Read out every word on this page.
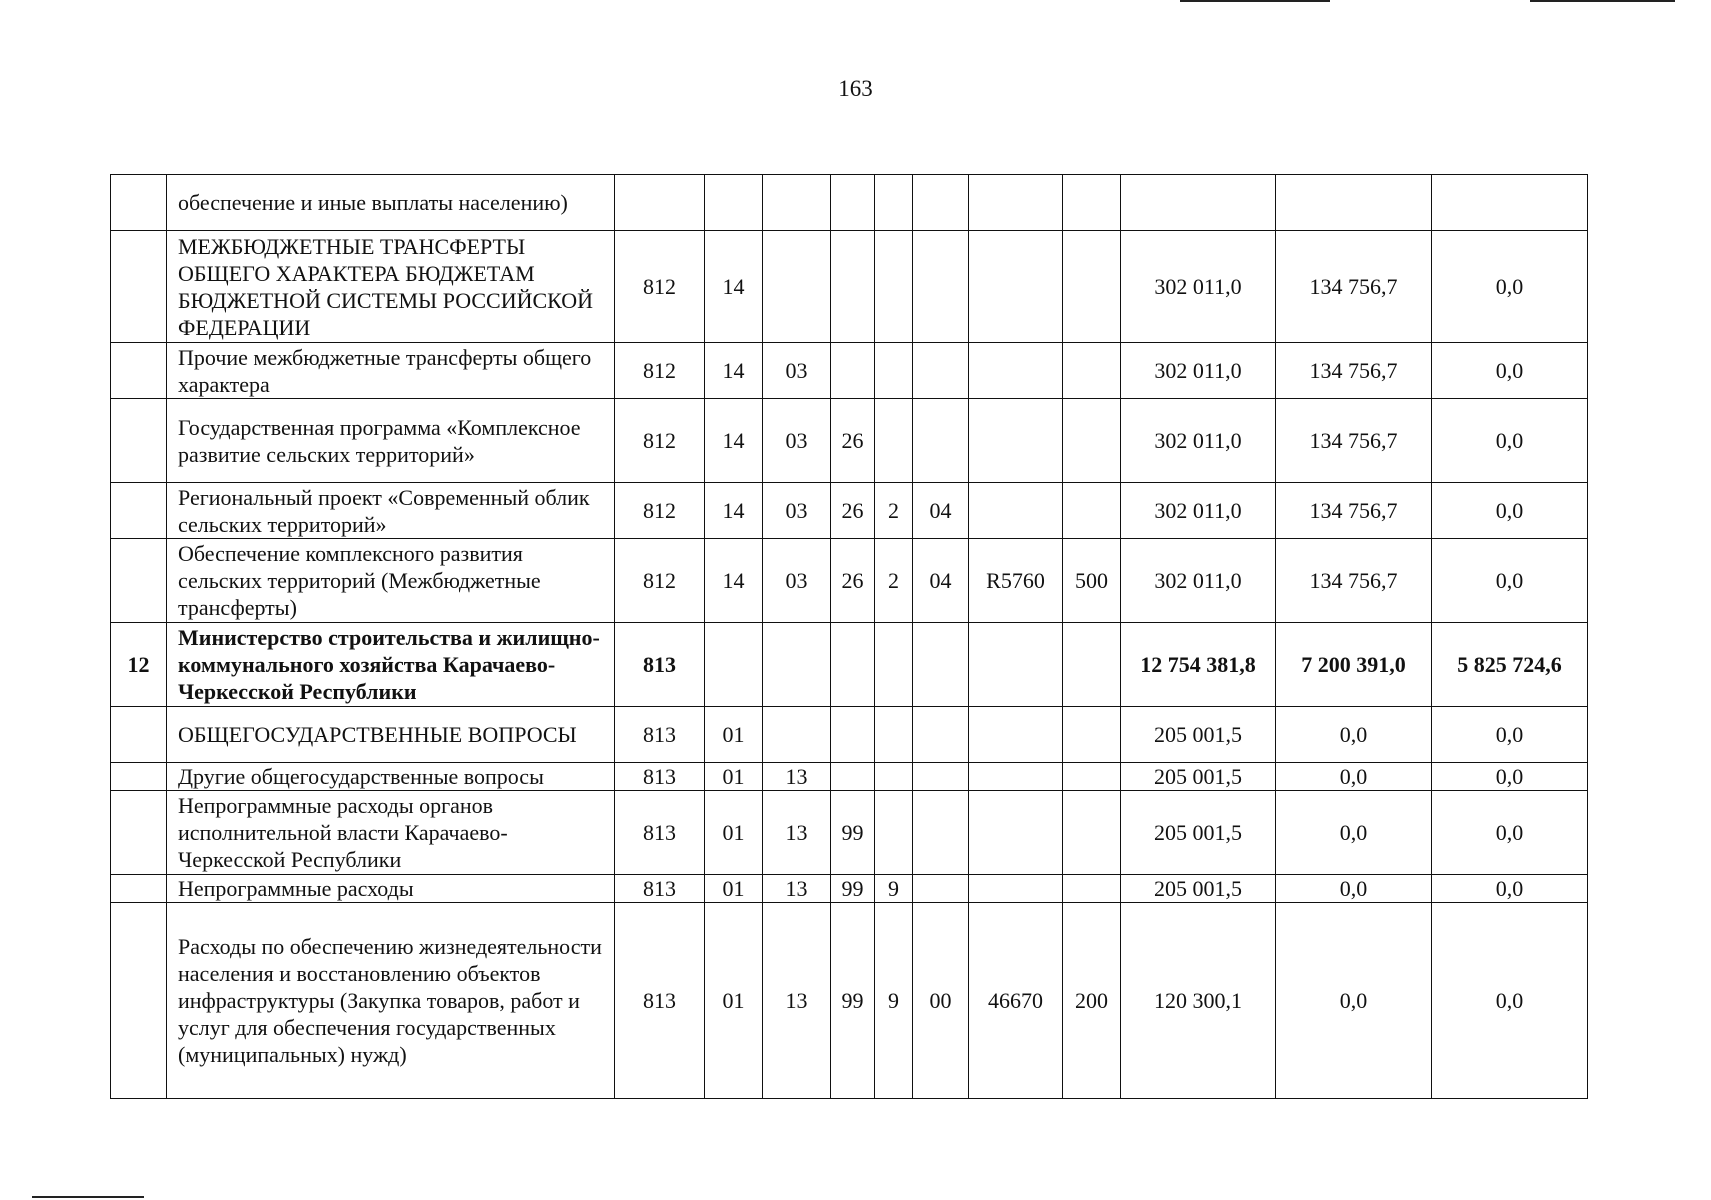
163
	обеспечение и иные выплаты населению)											
	МЕЖБЮДЖЕТНЫЕ ТРАНСФЕРТЫ ОБЩЕГО ХАРАКТЕРА БЮДЖЕТАМ БЮДЖЕТНОЙ СИСТЕМЫ РОССИЙСКОЙ ФЕДЕРАЦИИ	812	14							302 011,0	134 756,7	0,0
	Прочие межбюджетные трансферты общего характера	812	14	03						302 011,0	134 756,7	0,0
	Государственная программа «Комплексное развитие сельских территорий»	812	14	03	26					302 011,0	134 756,7	0,0
	Региональный проект «Современный облик сельских территорий»	812	14	03	26	2	04			302 011,0	134 756,7	0,0
	Обеспечение комплексного развития сельских территорий (Межбюджетные трансферты)	812	14	03	26	2	04	R5760	500	302 011,0	134 756,7	0,0
12	Министерство строительства и жилищно-коммунального хозяйства Карачаево-Черкесской Республики	813								12 754 381,8	7 200 391,0	5 825 724,6
	ОБЩЕГОСУДАРСТВЕННЫЕ ВОПРОСЫ	813	01							205 001,5	0,0	0,0
	Другие общегосударственные вопросы	813	01	13						205 001,5	0,0	0,0
	Непрограммные расходы органов исполнительной власти Карачаево-Черкесской Республики	813	01	13	99					205 001,5	0,0	0,0
	Непрограммные расходы	813	01	13	99	9				205 001,5	0,0	0,0
	Расходы по обеспечению жизнедеятельности населения и восстановлению объектов инфраструктуры (Закупка товаров, работ и услуг для обеспечения государственных (муниципальных) нужд)	813	01	13	99	9	00	46670	200	120 300,1	0,0	0,0
